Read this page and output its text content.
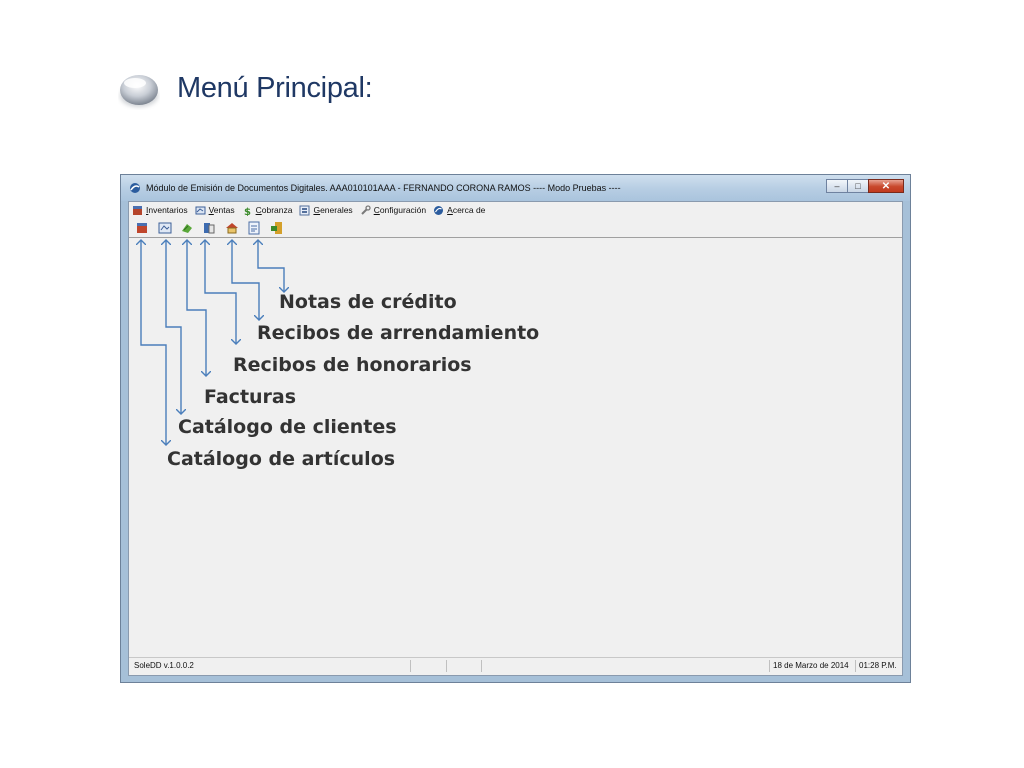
Menú Principal:
Módulo de Emisión de Documentos Digitales. AAA010101AAA - FERNANDO CORONA RAMOS ---- Modo Pruebas ----	–	□	✕
Inventarios Ventas $ Cobranza Generales Configuración Acerca de
SoleDD v.1.0.0.2	18 de Marzo de 2014	01:28 P.M.
Notas de crédito
Recibos de arrendamiento
Recibos de honorarios
Facturas
Catálogo de clientes
Catálogo de artículos
